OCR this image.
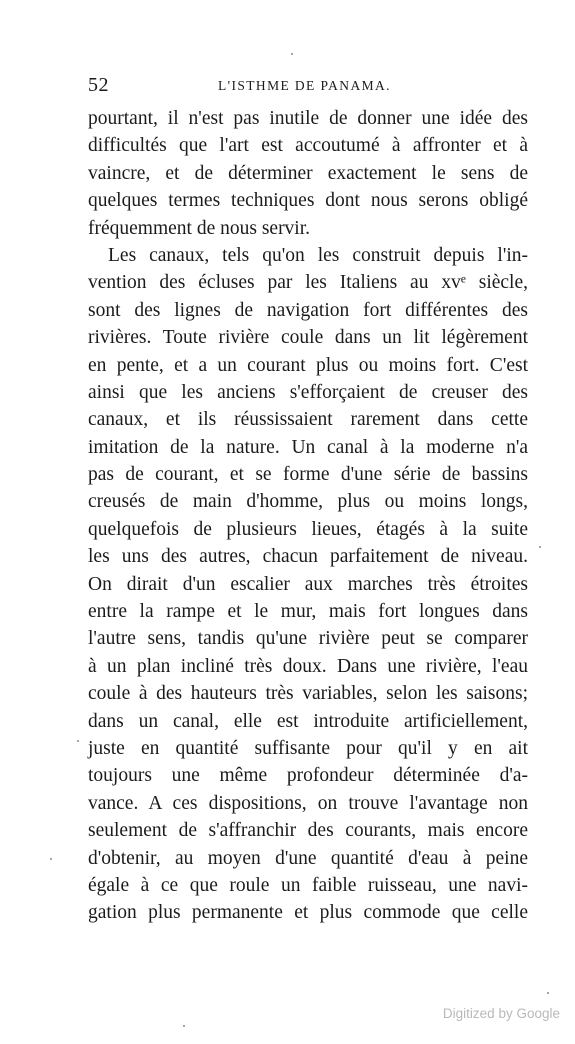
52	L'ISTHME DE PANAMA.
pourtant, il n'est pas inutile de donner une idée des
difficultés que l'art est accoutumé à affronter et à
vaincre, et de déterminer exactement le sens de
quelques termes techniques dont nous serons obligé
fréquemment de nous servir.
Les canaux, tels qu'on les construit depuis l'in-
vention des écluses par les Italiens au xvᵉ siècle,
sont des lignes de navigation fort différentes des
rivières. Toute rivière coule dans un lit légèrement
en pente, et a un courant plus ou moins fort. C'est
ainsi que les anciens s'efforçaient de creuser des
canaux, et ils réussissaient rarement dans cette
imitation de la nature. Un canal à la moderne n'a
pas de courant, et se forme d'une série de bassins
creusés de main d'homme, plus ou moins longs,
quelquefois de plusieurs lieues, étagés à la suite
les uns des autres, chacun parfaitement de niveau.
On dirait d'un escalier aux marches très étroites
entre la rampe et le mur, mais fort longues dans
l'autre sens, tandis qu'une rivière peut se comparer
à un plan incliné très doux. Dans une rivière, l'eau
coule à des hauteurs très variables, selon les saisons;
dans un canal, elle est introduite artificiellement,
juste en quantité suffisante pour qu'il y en ait
toujours une même profondeur déterminée d'a-
vance. A ces dispositions, on trouve l'avantage non
seulement de s'affranchir des courants, mais encore
d'obtenir, au moyen d'une quantité d'eau à peine
égale à ce que roule un faible ruisseau, une navi-
gation plus permanente et plus commode que celle
Digitized by Google
